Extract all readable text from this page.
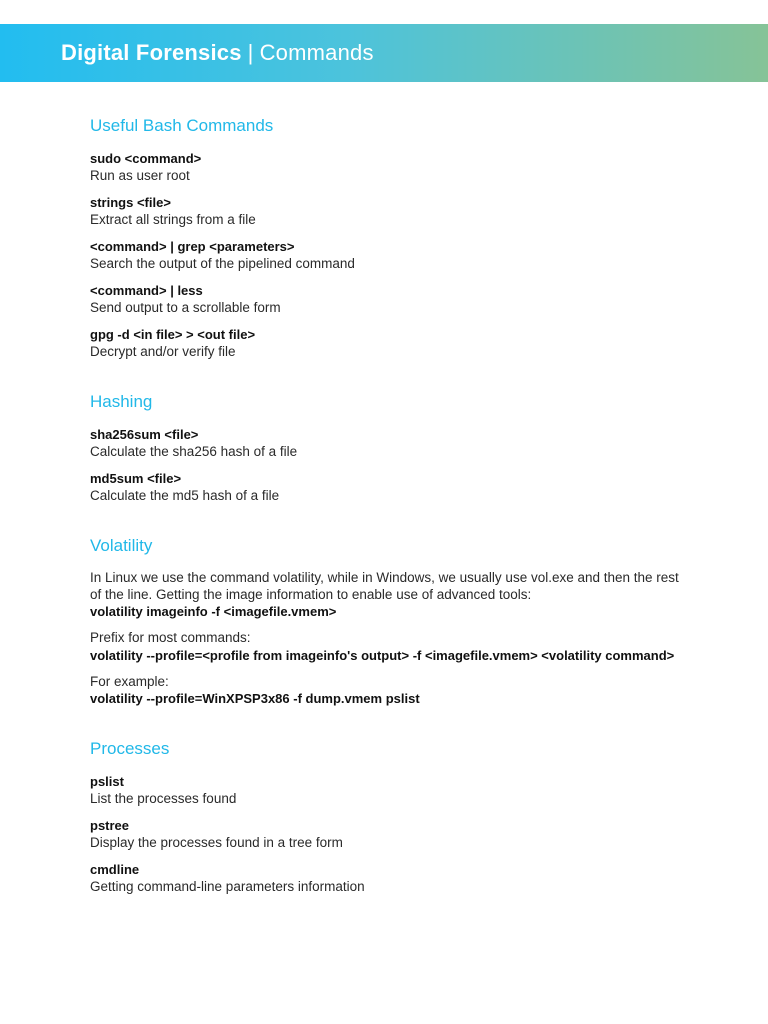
Digital Forensics | Commands
Useful Bash Commands
sudo <command>
Run as user root
strings <file>
Extract all strings from a file
<command> | grep <parameters>
Search the output of the pipelined command
<command> | less
Send output to a scrollable form
gpg -d <in file> > <out file>
Decrypt and/or verify file
Hashing
sha256sum <file>
Calculate the sha256 hash of a file
md5sum <file>
Calculate the md5 hash of a file
Volatility
In Linux we use the command volatility, while in Windows, we usually use vol.exe and then the rest of the line. Getting the image information to enable use of advanced tools:
volatility imageinfo -f <imagefile.vmem>
Prefix for most commands:
volatility --profile=<profile from imageinfo's output> -f <imagefile.vmem> <volatility command>
For example:
volatility --profile=WinXPSP3x86 -f dump.vmem pslist
Processes
pslist
List the processes found
pstree
Display the processes found in a tree form
cmdline
Getting command-line parameters information
